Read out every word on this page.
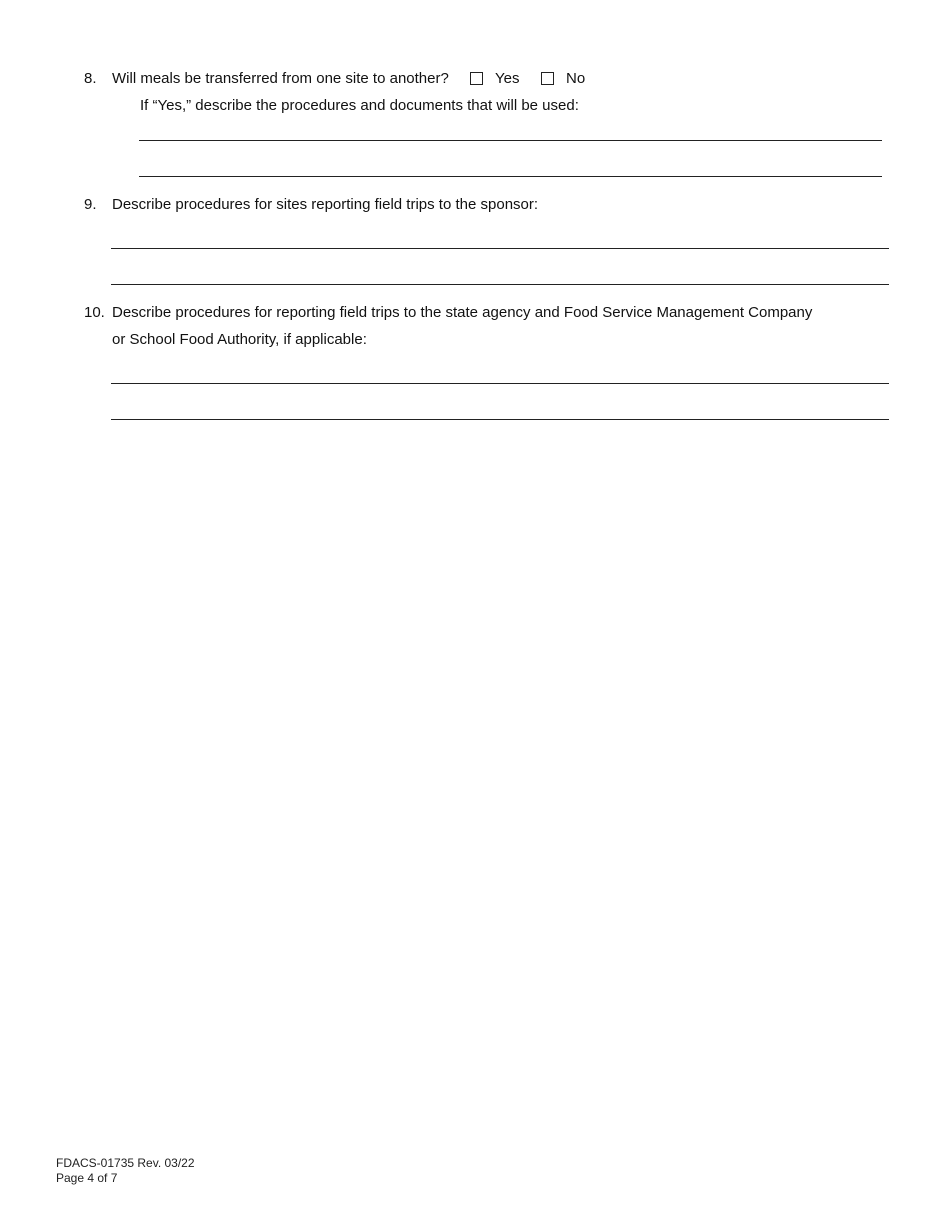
8. Will meals be transferred from one site to another?	Yes	No
If “Yes,” describe the procedures and documents that will be used:
9. Describe procedures for sites reporting field trips to the sponsor:
10. Describe procedures for reporting field trips to the state agency and Food Service Management Company
or School Food Authority, if applicable:
FDACS-01735 Rev. 03/22
Page 4 of 7
